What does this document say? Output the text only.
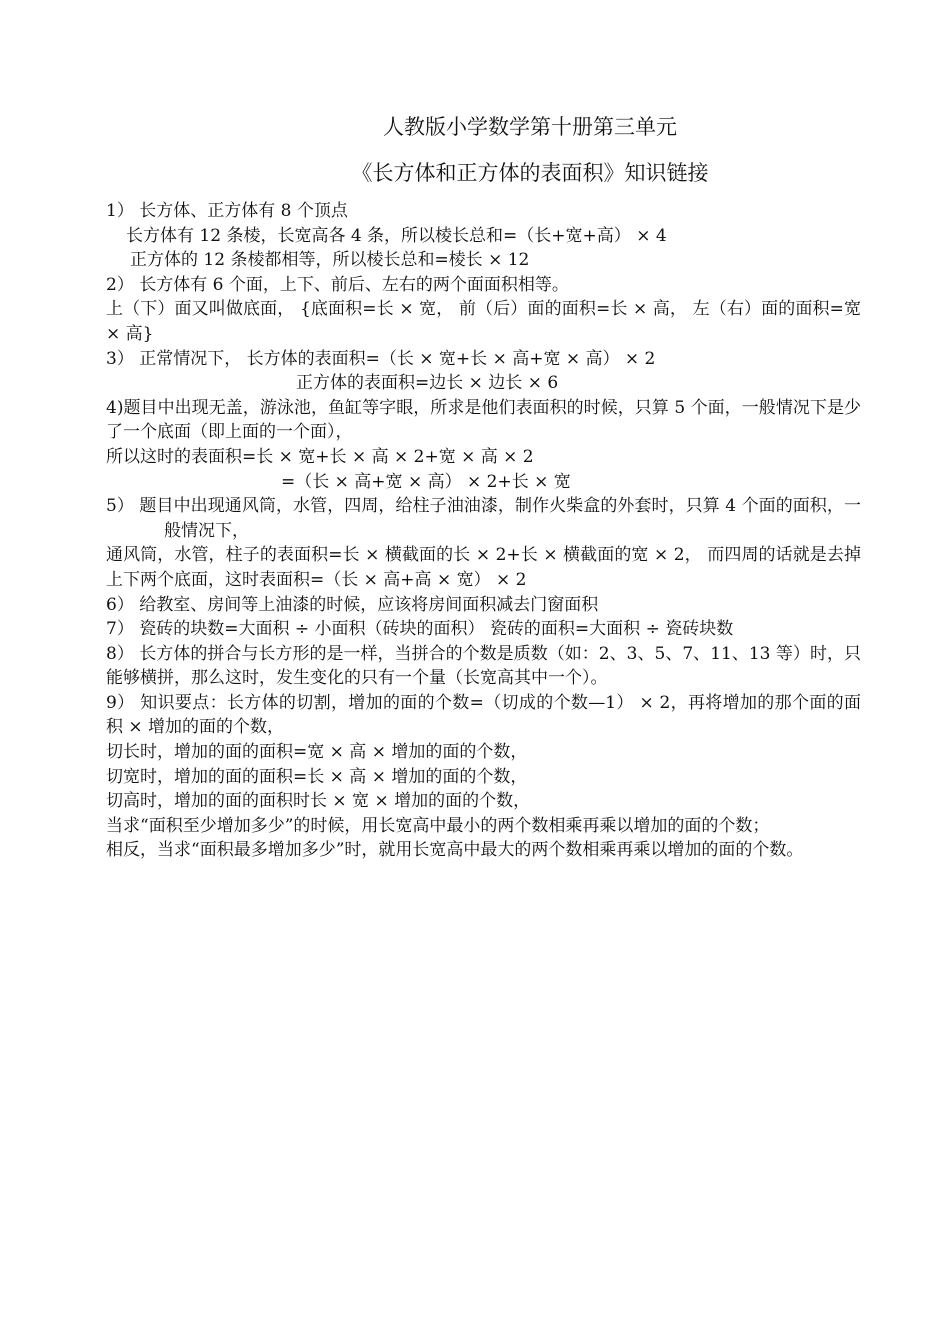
人教版小学数学第十册第三单元
《长方体和正方体的表面积》知识链接

1） 长方体、正方体有 8 个顶点

长方体有 12 条棱，长宽高各 4 条，所以棱长总和=（长+宽+高） × 4

正方体的 12 条棱都相等，所以棱长总和=棱长 × 12

2） 长方体有 6 个面，上下、前后、左右的两个面面积相等。

上（下）面又叫做底面， {底面积=长 × 宽， 前（后）面的面积=长 × 高， 左（右）面的面积=宽 × 高}

3） 正常情况下， 长方体的表面积=（长 × 宽+长 × 高+宽 × 高） × 2

正方体的表面积=边长 × 边长 × 6

4)题目中出现无盖，游泳池，鱼缸等字眼，所求是他们表面积的时候，只算 5 个面，一般情况下是少了一个底面（即上面的一个面），

所以这时的表面积=长 × 宽+长 × 高 × 2+宽 × 高 × 2

=（长 × 高+宽 × 高） × 2+长 × 宽

5） 题目中出现通风筒，水管，四周，给柱子油油漆，制作火柴盒的外套时，只算 4 个面的面积，一般情况下，

通风筒，水管，柱子的表面积=长 × 横截面的长 × 2+长 × 横截面的宽 × 2， 而四周的话就是去掉上下两个底面，这时表面积=（长 × 高+高 × 宽） × 2

6） 给教室、房间等上油漆的时候，应该将房间面积减去门窗面积

7） 瓷砖的块数=大面积 ÷ 小面积（砖块的面积） 瓷砖的面积=大面积 ÷ 瓷砖块数

8） 长方体的拼合与长方形的是一样，当拼合的个数是质数（如：2、3、5、7、11、13 等）时，只能够横拼，那么这时，发生变化的只有一个量（长宽高其中一个）。

9） 知识要点：长方体的切割，增加的面的个数=（切成的个数—1） × 2，再将增加的那个面的面积 × 增加的面的个数，

切长时，增加的面的面积=宽 × 高 × 增加的面的个数，

切宽时，增加的面的面积=长 × 高 × 增加的面的个数，

切高时，增加的面的面积时长 × 宽 × 增加的面的个数，

当求“面积至少增加多少”的时候，用长宽高中最小的两个数相乘再乘以增加的面的个数；

相反，当求“面积最多增加多少”时，就用长宽高中最大的两个数相乘再乘以增加的面的个数。
